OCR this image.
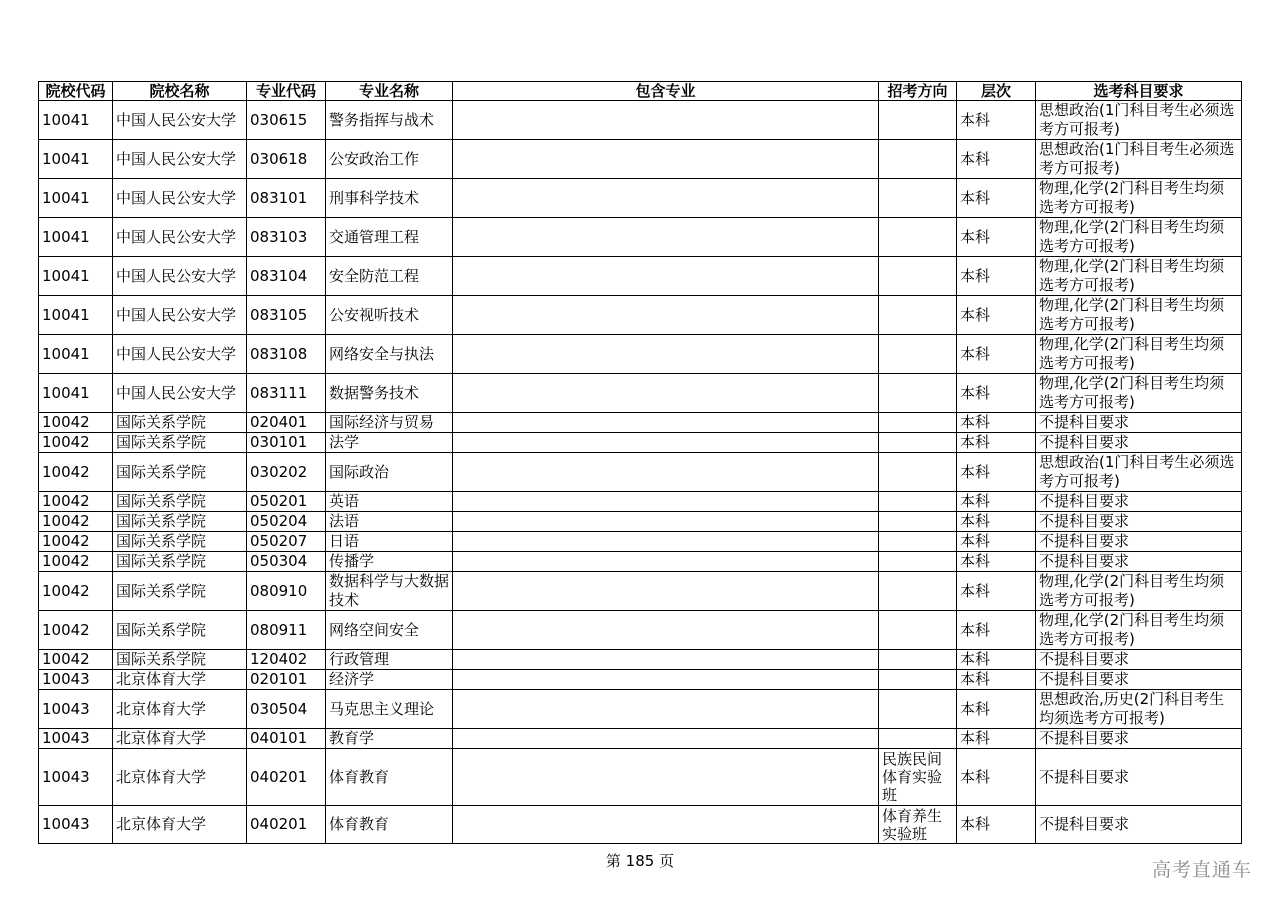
院校代码	院校名称	专业代码	专业名称	包含专业	招考方向	层次	选考科目要求
10041	中国人民公安大学	030615	警务指挥与战术			本科	思想政治(1门科目考生必须选考方可报考)
10041	中国人民公安大学	030618	公安政治工作			本科	思想政治(1门科目考生必须选考方可报考)
10041	中国人民公安大学	083101	刑事科学技术			本科	物理,化学(2门科目考生均须选考方可报考)
10041	中国人民公安大学	083103	交通管理工程			本科	物理,化学(2门科目考生均须选考方可报考)
10041	中国人民公安大学	083104	安全防范工程			本科	物理,化学(2门科目考生均须选考方可报考)
10041	中国人民公安大学	083105	公安视听技术			本科	物理,化学(2门科目考生均须选考方可报考)
10041	中国人民公安大学	083108	网络安全与执法			本科	物理,化学(2门科目考生均须选考方可报考)
10041	中国人民公安大学	083111	数据警务技术			本科	物理,化学(2门科目考生均须选考方可报考)
10042	国际关系学院	020401	国际经济与贸易			本科	不提科目要求
10042	国际关系学院	030101	法学			本科	不提科目要求
10042	国际关系学院	030202	国际政治			本科	思想政治(1门科目考生必须选考方可报考)
10042	国际关系学院	050201	英语			本科	不提科目要求
10042	国际关系学院	050204	法语			本科	不提科目要求
10042	国际关系学院	050207	日语			本科	不提科目要求
10042	国际关系学院	050304	传播学			本科	不提科目要求
10042	国际关系学院	080910	数据科学与大数据技术			本科	物理,化学(2门科目考生均须选考方可报考)
10042	国际关系学院	080911	网络空间安全			本科	物理,化学(2门科目考生均须选考方可报考)
10042	国际关系学院	120402	行政管理			本科	不提科目要求
10043	北京体育大学	020101	经济学			本科	不提科目要求
10043	北京体育大学	030504	马克思主义理论			本科	思想政治,历史(2门科目考生均须选考方可报考)
10043	北京体育大学	040101	教育学			本科	不提科目要求
10043	北京体育大学	040201	体育教育		民族民间体育实验班	本科	不提科目要求
10043	北京体育大学	040201	体育教育		体育养生实验班	本科	不提科目要求
第 185 页	高考直通车
